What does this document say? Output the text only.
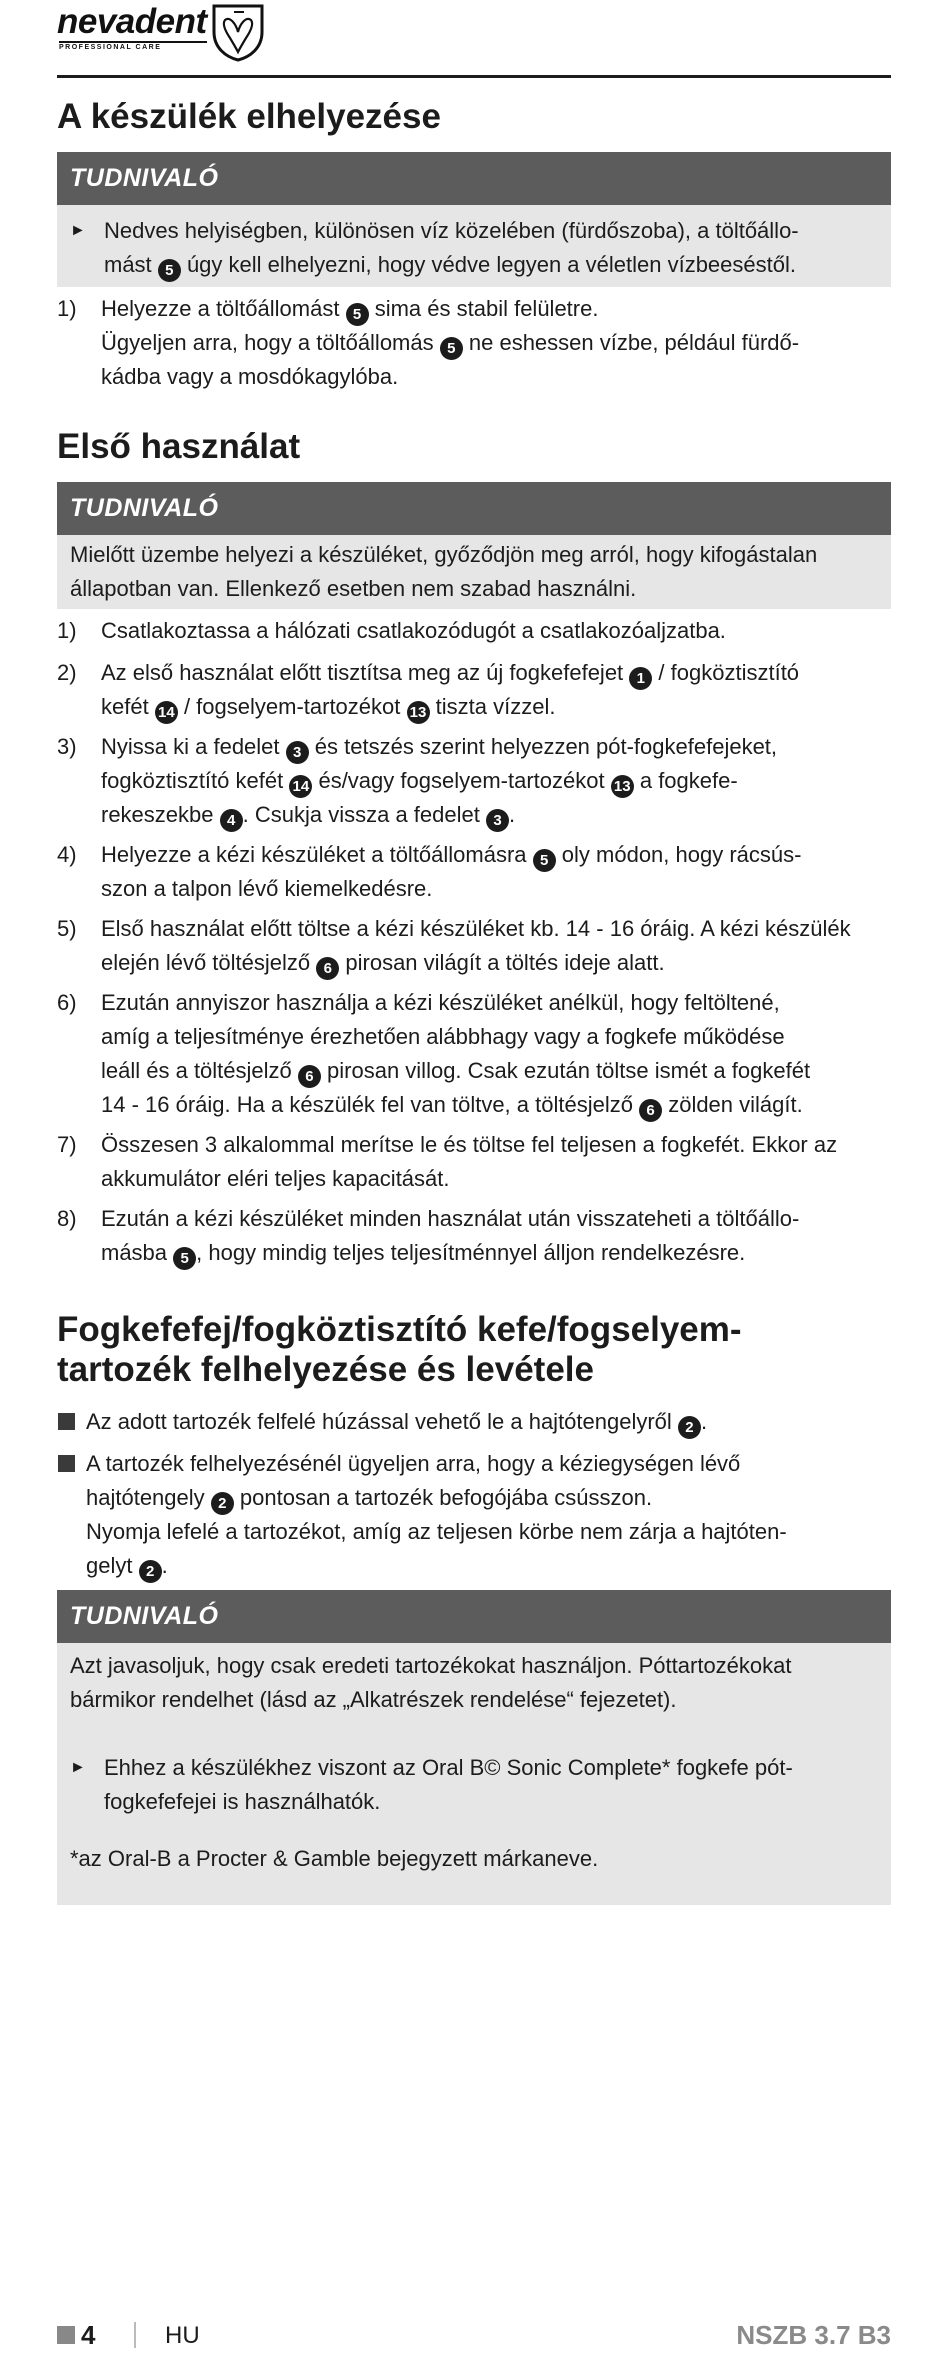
nevadent
PROFESSIONAL CARE
A készülék elhelyezése
TUDNIVALÓ
► Nedves helyiségben, különösen víz közelében (fürdőszoba), a töltőállo-
mást 5 úgy kell elhelyezni, hogy védve legyen a véletlen vízbeeséstől.
1)	Helyezze a töltőállomást 5 sima és stabil felületre.
Ügyeljen arra, hogy a töltőállomás 5 ne eshessen vízbe, például fürdő-
kádba vagy a mosdókagylóba.
Első használat
TUDNIVALÓ
Mielőtt üzembe helyezi a készüléket, győződjön meg arról, hogy kifogástalan
állapotban van. Ellenkező esetben nem szabad használni.
1)	Csatlakoztassa a hálózati csatlakozódugót a csatlakozóaljzatba.
2)	Az első használat előtt tisztítsa meg az új fogkefefejet 1 / fogköztisztító
kefét 14 / fogselyem-tartozékot 13 tiszta vízzel.
3)	Nyissa ki a fedelet 3 és tetszés szerint helyezzen pót-fogkefefejeket,
fogköztisztító kefét 14 és/vagy fogselyem-tartozékot 13 a fogkefe-
rekeszekbe 4 . Csukja vissza a fedelet 3 .
4)	Helyezze a kézi készüléket a töltőállomásra 5 oly módon, hogy rácsús-
szon a talpon lévő kiemelkedésre.
5)	Első használat előtt töltse a kézi készüléket kb. 14 - 16 óráig. A kézi készülék
elején lévő töltésjelző 6 pirosan világít a töltés ideje alatt.
6)	Ezután annyiszor használja a kézi készüléket anélkül, hogy feltöltené,
amíg a teljesítménye érezhetően alábbhagy vagy a fogkefe működése
leáll és a töltésjelző 6 pirosan villog. Csak ezután töltse ismét a fogkefét
14 - 16 óráig. Ha a készülék fel van töltve, a töltésjelző 6 zölden világít.
7)	Összesen 3 alkalommal merítse le és töltse fel teljesen a fogkefét. Ekkor az
akkumulátor eléri teljes kapacitását.
8)	Ezután a kézi készüléket minden használat után visszateheti a töltőállo-
másba 5 , hogy mindig teljes teljesítménnyel álljon rendelkezésre.
Fogkefefej/fogköztisztító kefe/fogselyem-
tartozék felhelyezése és levétele
Az adott tartozék felfelé húzással vehető le a hajtótengelyről 2 .
A tartozék felhelyezésénél ügyeljen arra, hogy a kéziegységen lévő
hajtótengely 2 pontosan a tartozék befogójába csússzon.
Nyomja lefelé a tartozékot, amíg az teljesen körbe nem zárja a hajtóten-
gelyt 2 .
TUDNIVALÓ
Azt javasoljuk, hogy csak eredeti tartozékokat használjon. Póttartozékokat
bármikor rendelhet (lásd az „Alkatrészek rendelése“ fejezetet).
► Ehhez a készülékhez viszont az Oral B© Sonic Complete* fogkefe pót-
fogkefefejei is használhatók.
*az Oral-B a Procter & Gamble bejegyzett márkaneve.
4	HU	NSZB 3.7 B3
